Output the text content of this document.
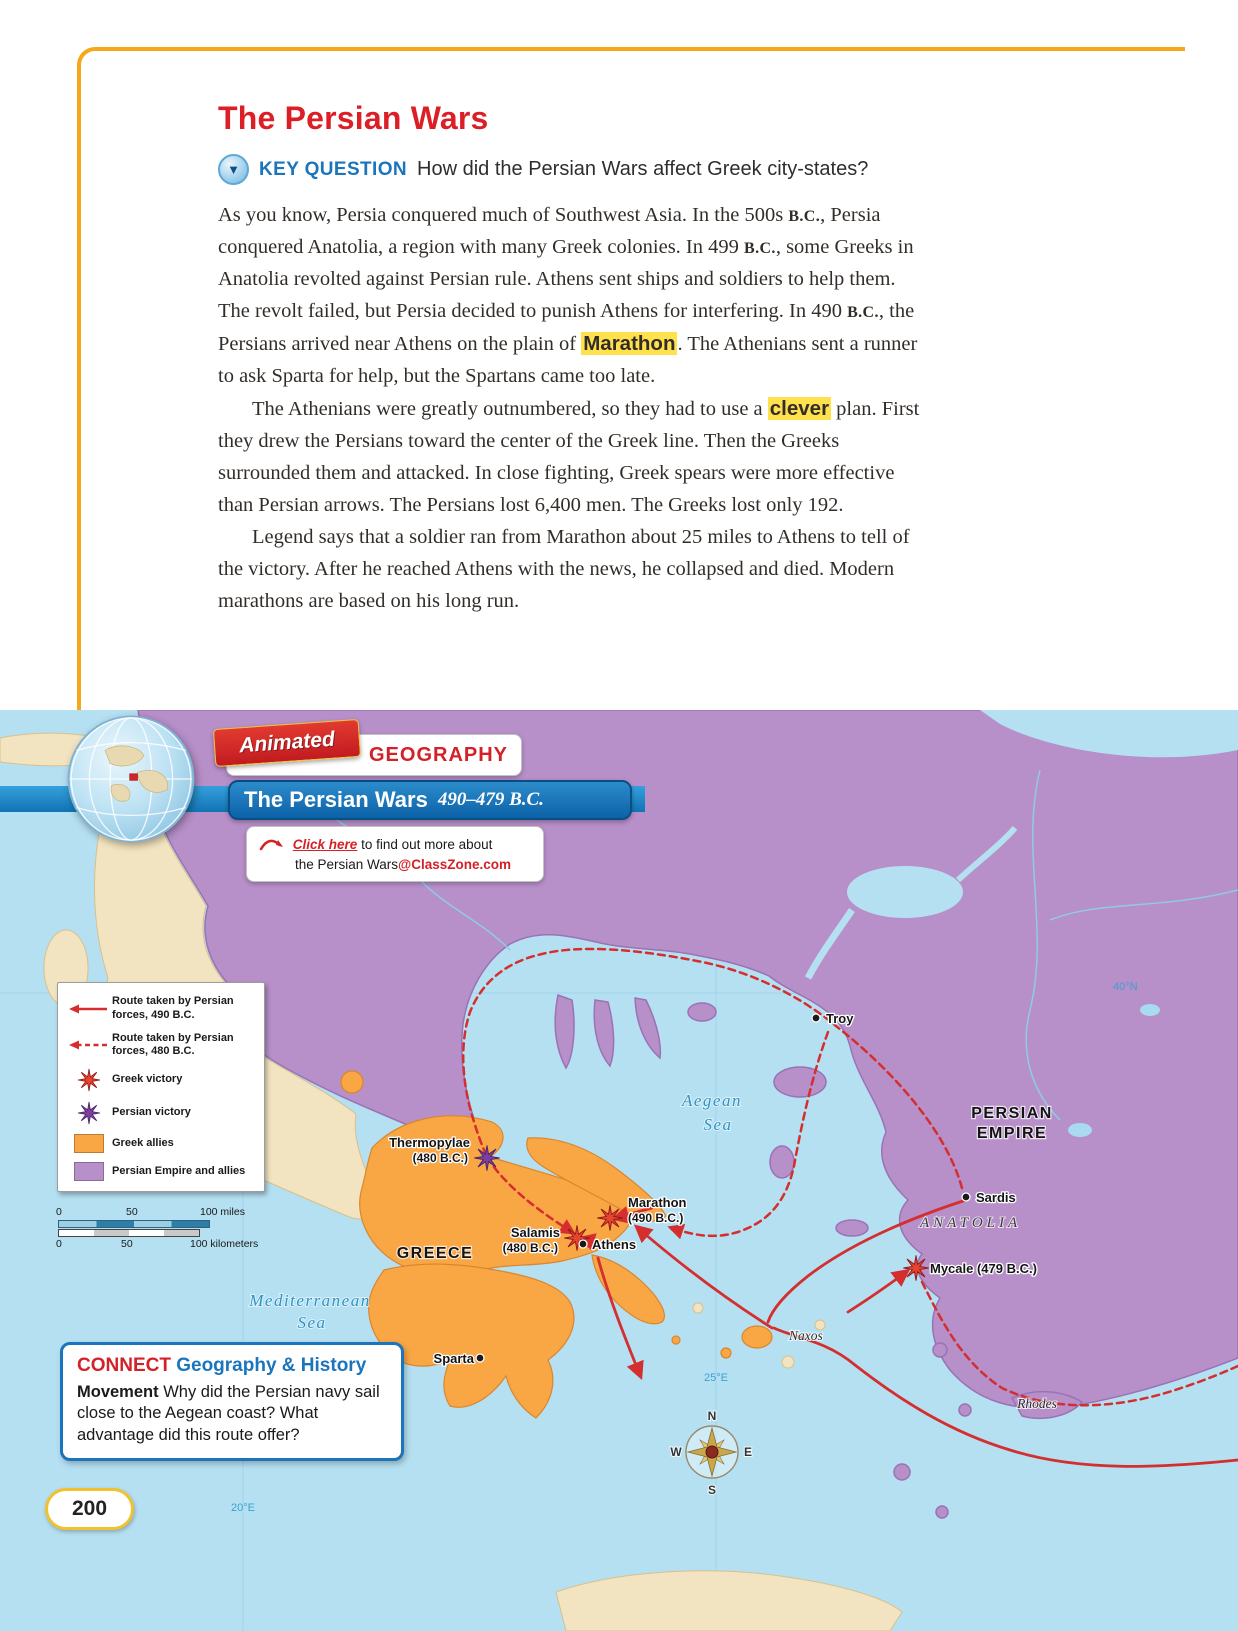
The Persian Wars
▼	KEY QUESTION How did the Persian Wars affect Greek city-states?

As you know, Persia conquered much of Southwest Asia. In the 500s B.C., Persia conquered Anatolia, a region with many Greek colonies. In 499 B.C., some Greeks in Anatolia revolted against Persian rule. Athens sent ships and soldiers to help them. The revolt failed, but Persia decided to punish Athens for interfering. In 490 B.C., the Persians arrived near Athens on the plain of Marathon. The Athenians sent a runner to ask Sparta for help, but the Spartans came too late.

The Athenians were greatly outnumbered, so they had to use a clever plan. First they drew the Persians toward the center of the Greek line. Then the Greeks surrounded them and attacked. In close fighting, Greek spears were more effective than Persian arrows. The Persians lost 6,400 men. The Greeks lost only 192.

Legend says that a soldier ran from Marathon about 25 miles to Athens to tell of the victory. After he reached Athens with the news, he collapsed and died. Modern marathons are based on his long run.

N
E
S
W
Troy
40°N
PERSIAN
EMPIRE
Aegean
Sea
Thermopylae
(480 B.C.)
Sardis
ANATOLIA
Marathon
(490 B.C.)
Salamis
(480 B.C.)	Athens
GREECE
Mycale (479 B.C.)
Mediterranean
Sea
Naxos
Sparta
25°E
Rhodes
20°E
The Persian Wars 490–479 B.C.
GEOGRAPHY
Animated
Click here to find out more about
the Persian Wars@ClassZone.com
Route taken by Persian forces, 490 B.C.
Route taken by Persian forces, 480 B.C.
Greek victory
Persian victory
Greek allies
Persian Empire and allies
0	50	100 miles
0	50	100 kilometers
CONNECT Geography & History
Movement Why did the Persian navy sail close to the Aegean coast? What advantage did this route offer?
200
